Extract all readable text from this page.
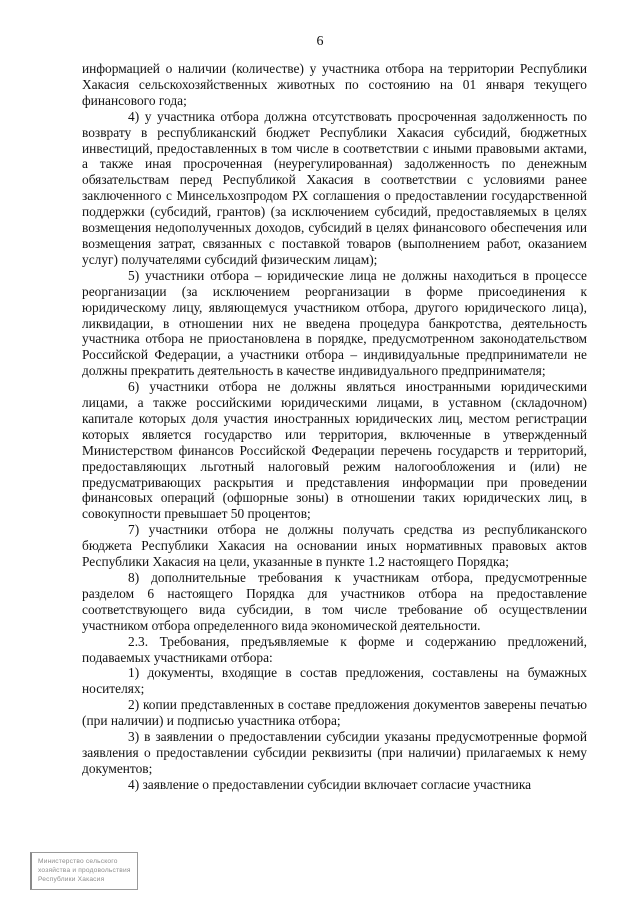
6

информацией о наличии (количестве) у участника отбора на территории Республики Хакасия сельскохозяйственных животных по состоянию на 01 января текущего финансового года;

4) у участника отбора должна отсутствовать просроченная задолженность по возврату в республиканский бюджет Республики Хакасия субсидий, бюджетных инвестиций, предоставленных в том числе в соответствии с иными правовыми актами, а также иная просроченная (неурегулированная) задолженность по денежным обязательствам перед Республикой Хакасия в соответствии с условиями ранее заключенного с Минсельхозпродом РХ соглашения о предоставлении государственной поддержки (субсидий, грантов) (за исключением субсидий, предоставляемых в целях возмещения недополученных доходов, субсидий в целях финансового обеспечения или возмещения затрат, связанных с поставкой товаров (выполнением работ, оказанием услуг) получателями субсидий физическим лицам);

5) участники отбора – юридические лица не должны находиться в процессе реорганизации (за исключением реорганизации в форме присоединения к юридическому лицу, являющемуся участником отбора, другого юридического лица), ликвидации, в отношении них не введена процедура банкротства, деятельность участника отбора не приостановлена в порядке, предусмотренном законодательством Российской Федерации, а участники отбора – индивидуальные предприниматели не должны прекратить деятельность в качестве индивидуального предпринимателя;

6) участники отбора не должны являться иностранными юридическими лицами, а также российскими юридическими лицами, в уставном (складочном) капитале которых доля участия иностранных юридических лиц, местом регистрации которых является государство или территория, включенные в утвержденный Министерством финансов Российской Федерации перечень государств и территорий, предоставляющих льготный налоговый режим налогообложения и (или) не предусматривающих раскрытия и представления информации при проведении финансовых операций (офшорные зоны) в отношении таких юридических лиц, в совокупности превышает 50 процентов;

7) участники отбора не должны получать средства из республиканского бюджета Республики Хакасия на основании иных нормативных правовых актов Республики Хакасия на цели, указанные в пункте 1.2 настоящего Порядка;

8) дополнительные требования к участникам отбора, предусмотренные разделом 6 настоящего Порядка для участников отбора на предоставление соответствующего вида субсидии, в том числе требование об осуществлении участником отбора определенного вида экономической деятельности.

2.3. Требования, предъявляемые к форме и содержанию предложений, подаваемых участниками отбора:

1) документы, входящие в состав предложения, составлены на бумажных носителях;

2) копии представленных в составе предложения документов заверены печатью (при наличии) и подписью участника отбора;

3) в заявлении о предоставлении субсидии указаны предусмотренные формой заявления о предоставлении субсидии реквизиты (при наличии) прилагаемых к нему документов;

4) заявление о предоставлении субсидии включает согласие участника

Министерство сельского
хозяйства и продовольствия
Республики Хакасия
